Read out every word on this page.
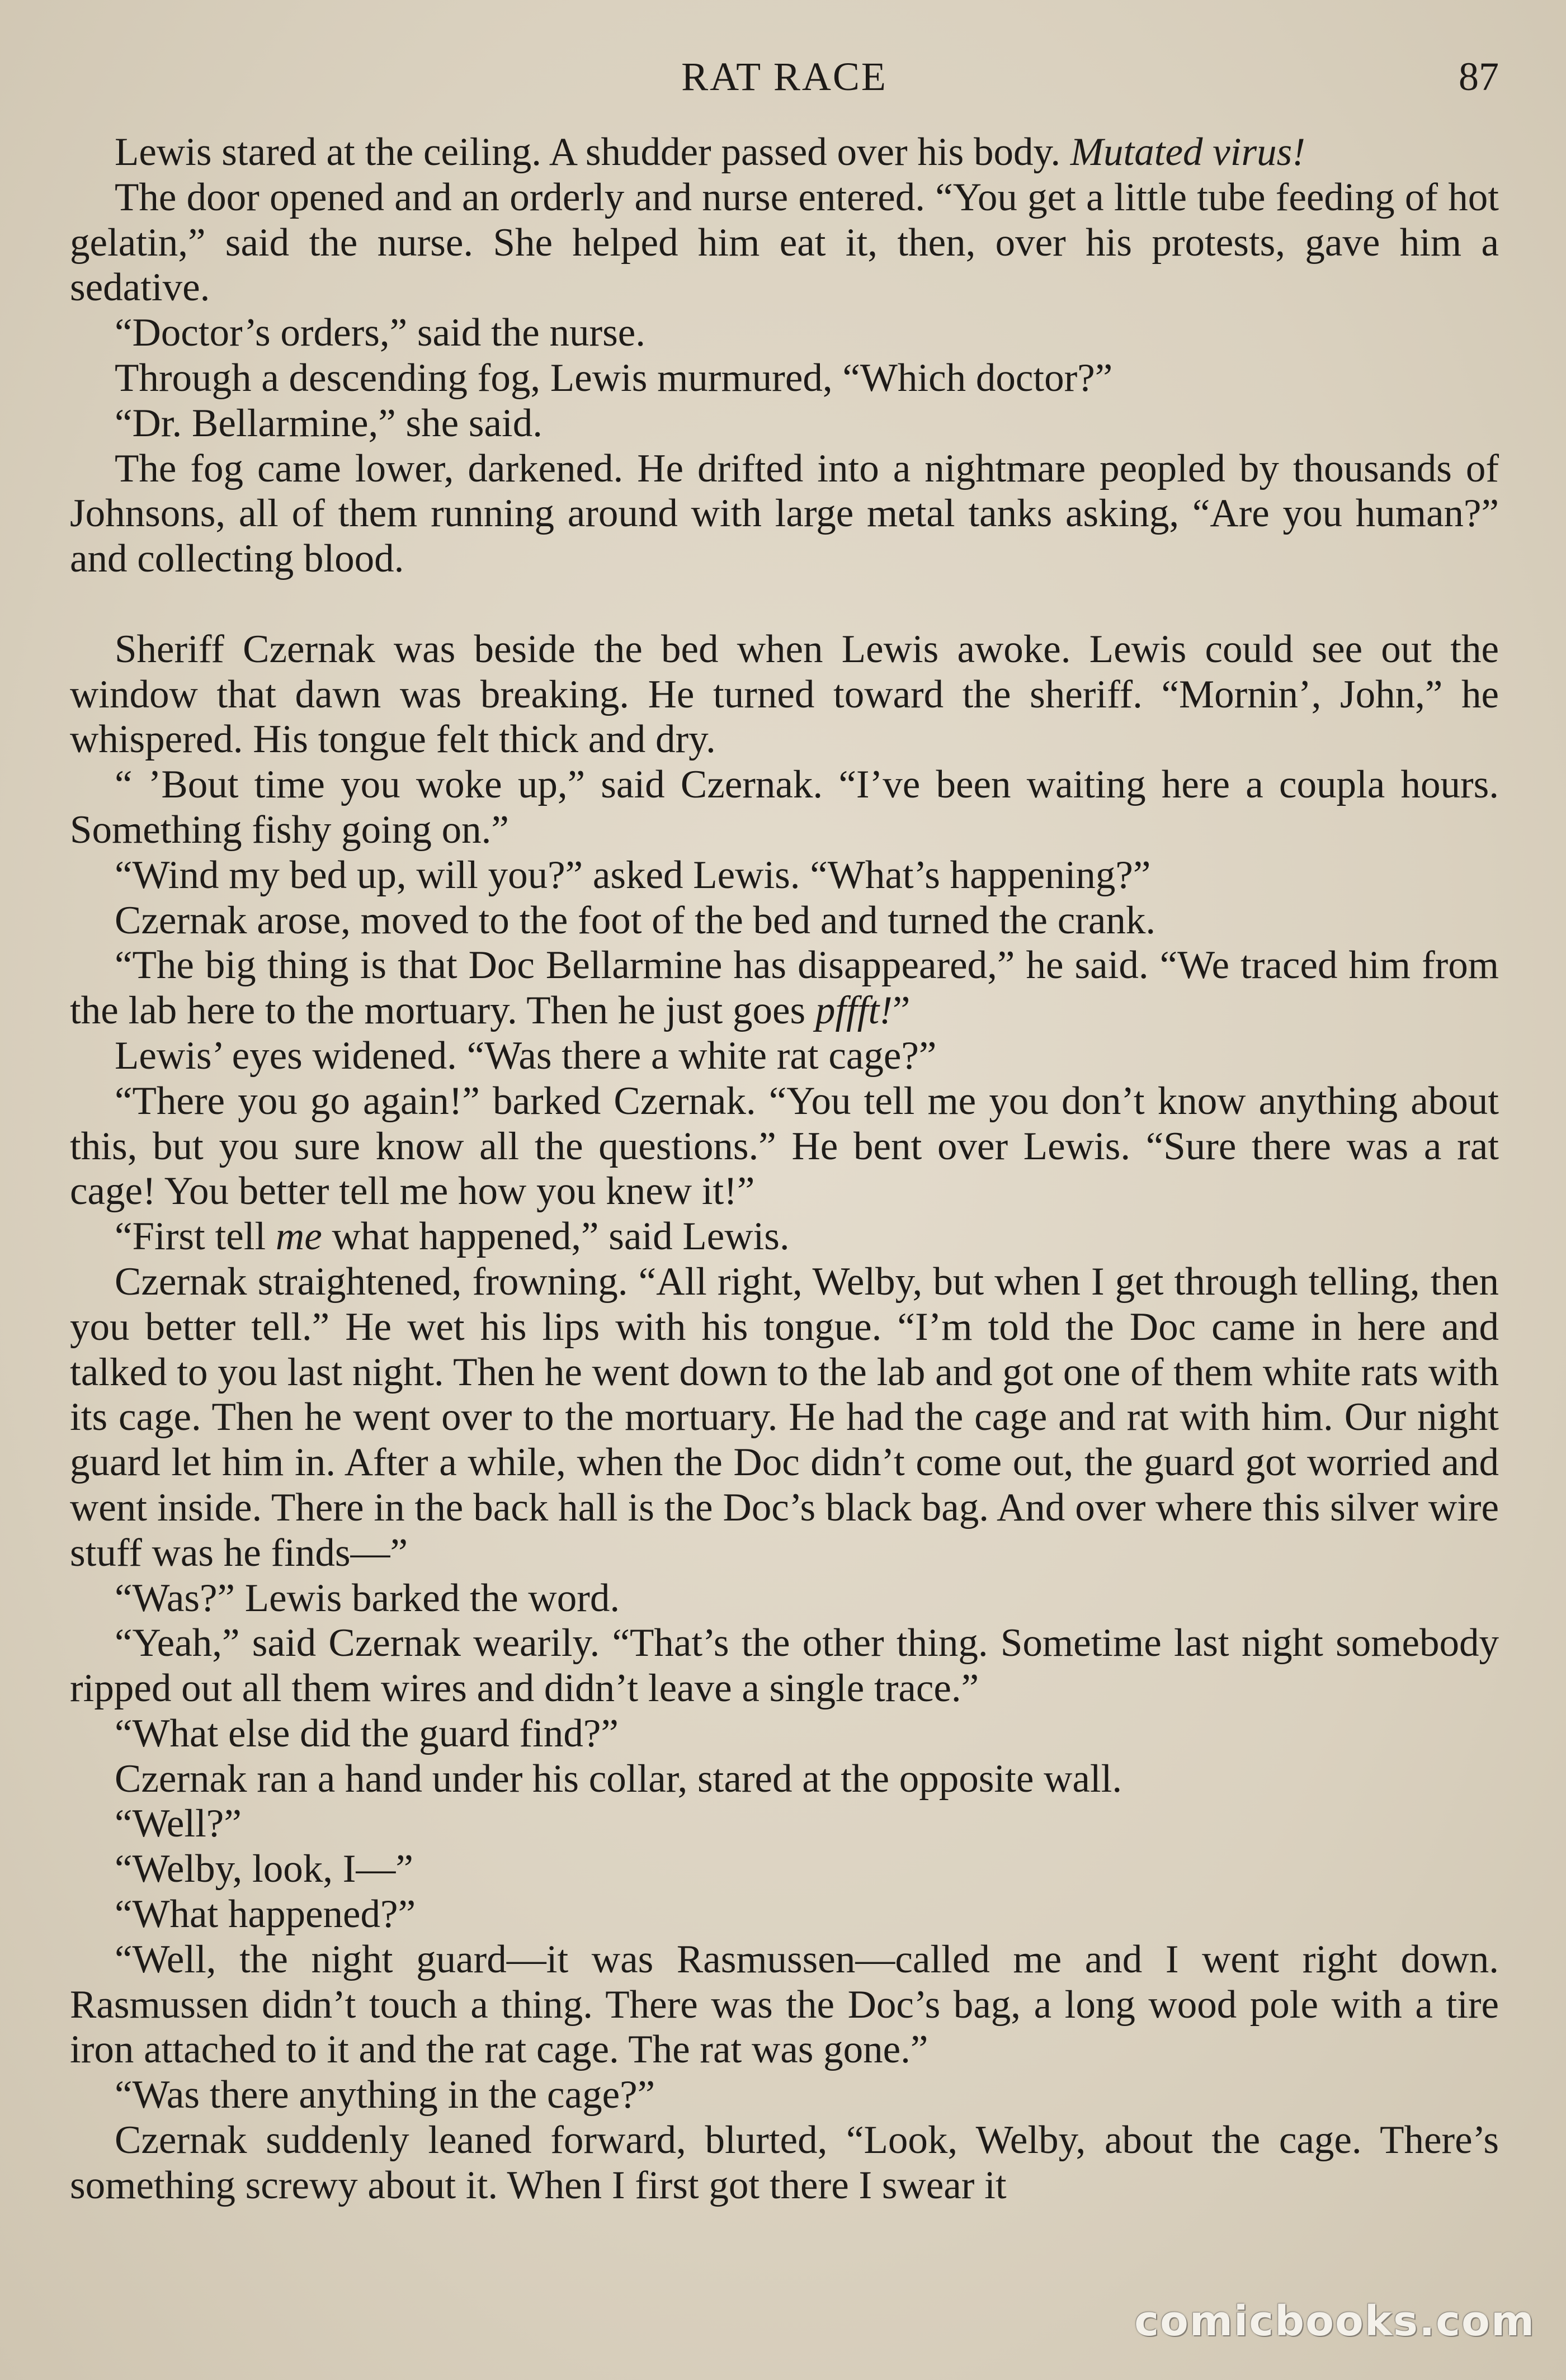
RAT RACE	87

Lewis stared at the ceiling. A shudder passed over his body. Mutated virus!

The door opened and an orderly and nurse entered. “You get a little tube feeding of hot gelatin,” said the nurse. She helped him eat it, then, over his protests, gave him a sedative.

“Doctor’s orders,” said the nurse.

Through a descending fog, Lewis murmured, “Which doctor?”

“Dr. Bellarmine,” she said.

The fog came lower, darkened. He drifted into a nightmare peopled by thousands of Johnsons, all of them running around with large metal tanks asking, “Are you human?” and collecting blood.

Sheriff Czernak was beside the bed when Lewis awoke. Lewis could see out the window that dawn was breaking. He turned toward the sheriff. “Mornin’, John,” he whispered. His tongue felt thick and dry.

“ ’Bout time you woke up,” said Czernak. “I’ve been waiting here a coupla hours. Something fishy going on.”

“Wind my bed up, will you?” asked Lewis. “What’s happening?”

Czernak arose, moved to the foot of the bed and turned the crank.

“The big thing is that Doc Bellarmine has disappeared,” he said. “We traced him from the lab here to the mortuary. Then he just goes pffft!”

Lewis’ eyes widened. “Was there a white rat cage?”

“There you go again!” barked Czernak. “You tell me you don’t know anything about this, but you sure know all the questions.” He bent over Lewis. “Sure there was a rat cage! You better tell me how you knew it!”

“First tell me what happened,” said Lewis.

Czernak straightened, frowning. “All right, Welby, but when I get through telling, then you better tell.” He wet his lips with his tongue. “I’m told the Doc came in here and talked to you last night. Then he went down to the lab and got one of them white rats with its cage. Then he went over to the mortuary. He had the cage and rat with him. Our night guard let him in. After a while, when the Doc didn’t come out, the guard got worried and went inside. There in the back hall is the Doc’s black bag. And over where this silver wire stuff was he finds—”

“Was?” Lewis barked the word.

“Yeah,” said Czernak wearily. “That’s the other thing. Sometime last night somebody ripped out all them wires and didn’t leave a single trace.”

“What else did the guard find?”

Czernak ran a hand under his collar, stared at the opposite wall.

“Well?”

“Welby, look, I—”

“What happened?”

“Well, the night guard—it was Rasmussen—called me and I went right down. Rasmussen didn’t touch a thing. There was the Doc’s bag, a long wood pole with a tire iron attached to it and the rat cage. The rat was gone.”

“Was there anything in the cage?”

Czernak suddenly leaned forward, blurted, “Look, Welby, about the cage. There’s something screwy about it. When I first got there I swear it

comicbooks.com
